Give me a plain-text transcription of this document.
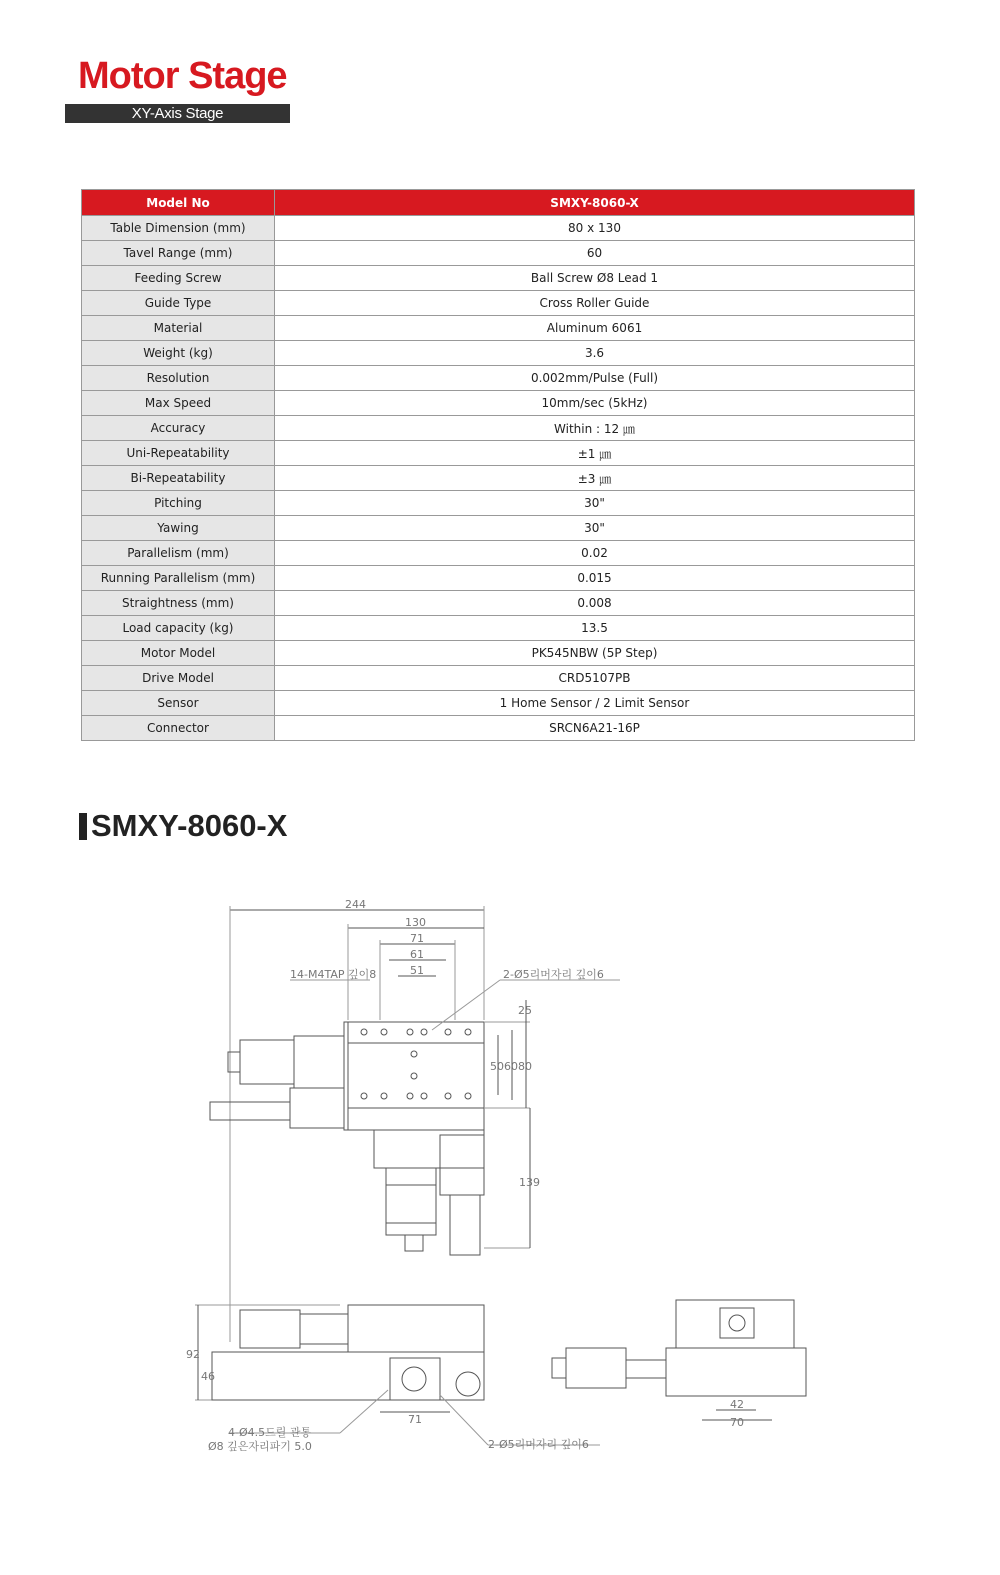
Motor Stage
XY-Axis Stage
Model No	SMXY-8060-X
Table Dimension (mm)	80 x 130
Tavel Range (mm)	60
Feeding Screw	Ball Screw Ø8 Lead 1
Guide Type	Cross Roller Guide
Material	Aluminum 6061
Weight (kg)	3.6
Resolution	0.002mm/Pulse (Full)
Max Speed	10mm/sec (5kHz)
Accuracy	Within : 12 ㎛
Uni-Repeatability	±1 ㎛
Bi-Repeatability	±3 ㎛
Pitching	30"
Yawing	30"
Parallelism (mm)	0.02
Running Parallelism (mm)	0.015
Straightness (mm)	0.008
Load capacity (kg)	13.5
Motor Model	PK545NBW (5P Step)
Drive Model	CRD5107PB
Sensor	1 Home Sensor / 2 Limit Sensor
Connector	SRCN6A21-16P
SMXY-8060-X
244
130
71
61
51
25
50 60 80
139
92
46
71
42
70
14-M4TAP 깊이8	2-Ø5리머자리 깊이6
4-Ø4.5드릴 관통
Ø8 깊은자리파기 5.0	2-Ø5리머자리 깊이6
